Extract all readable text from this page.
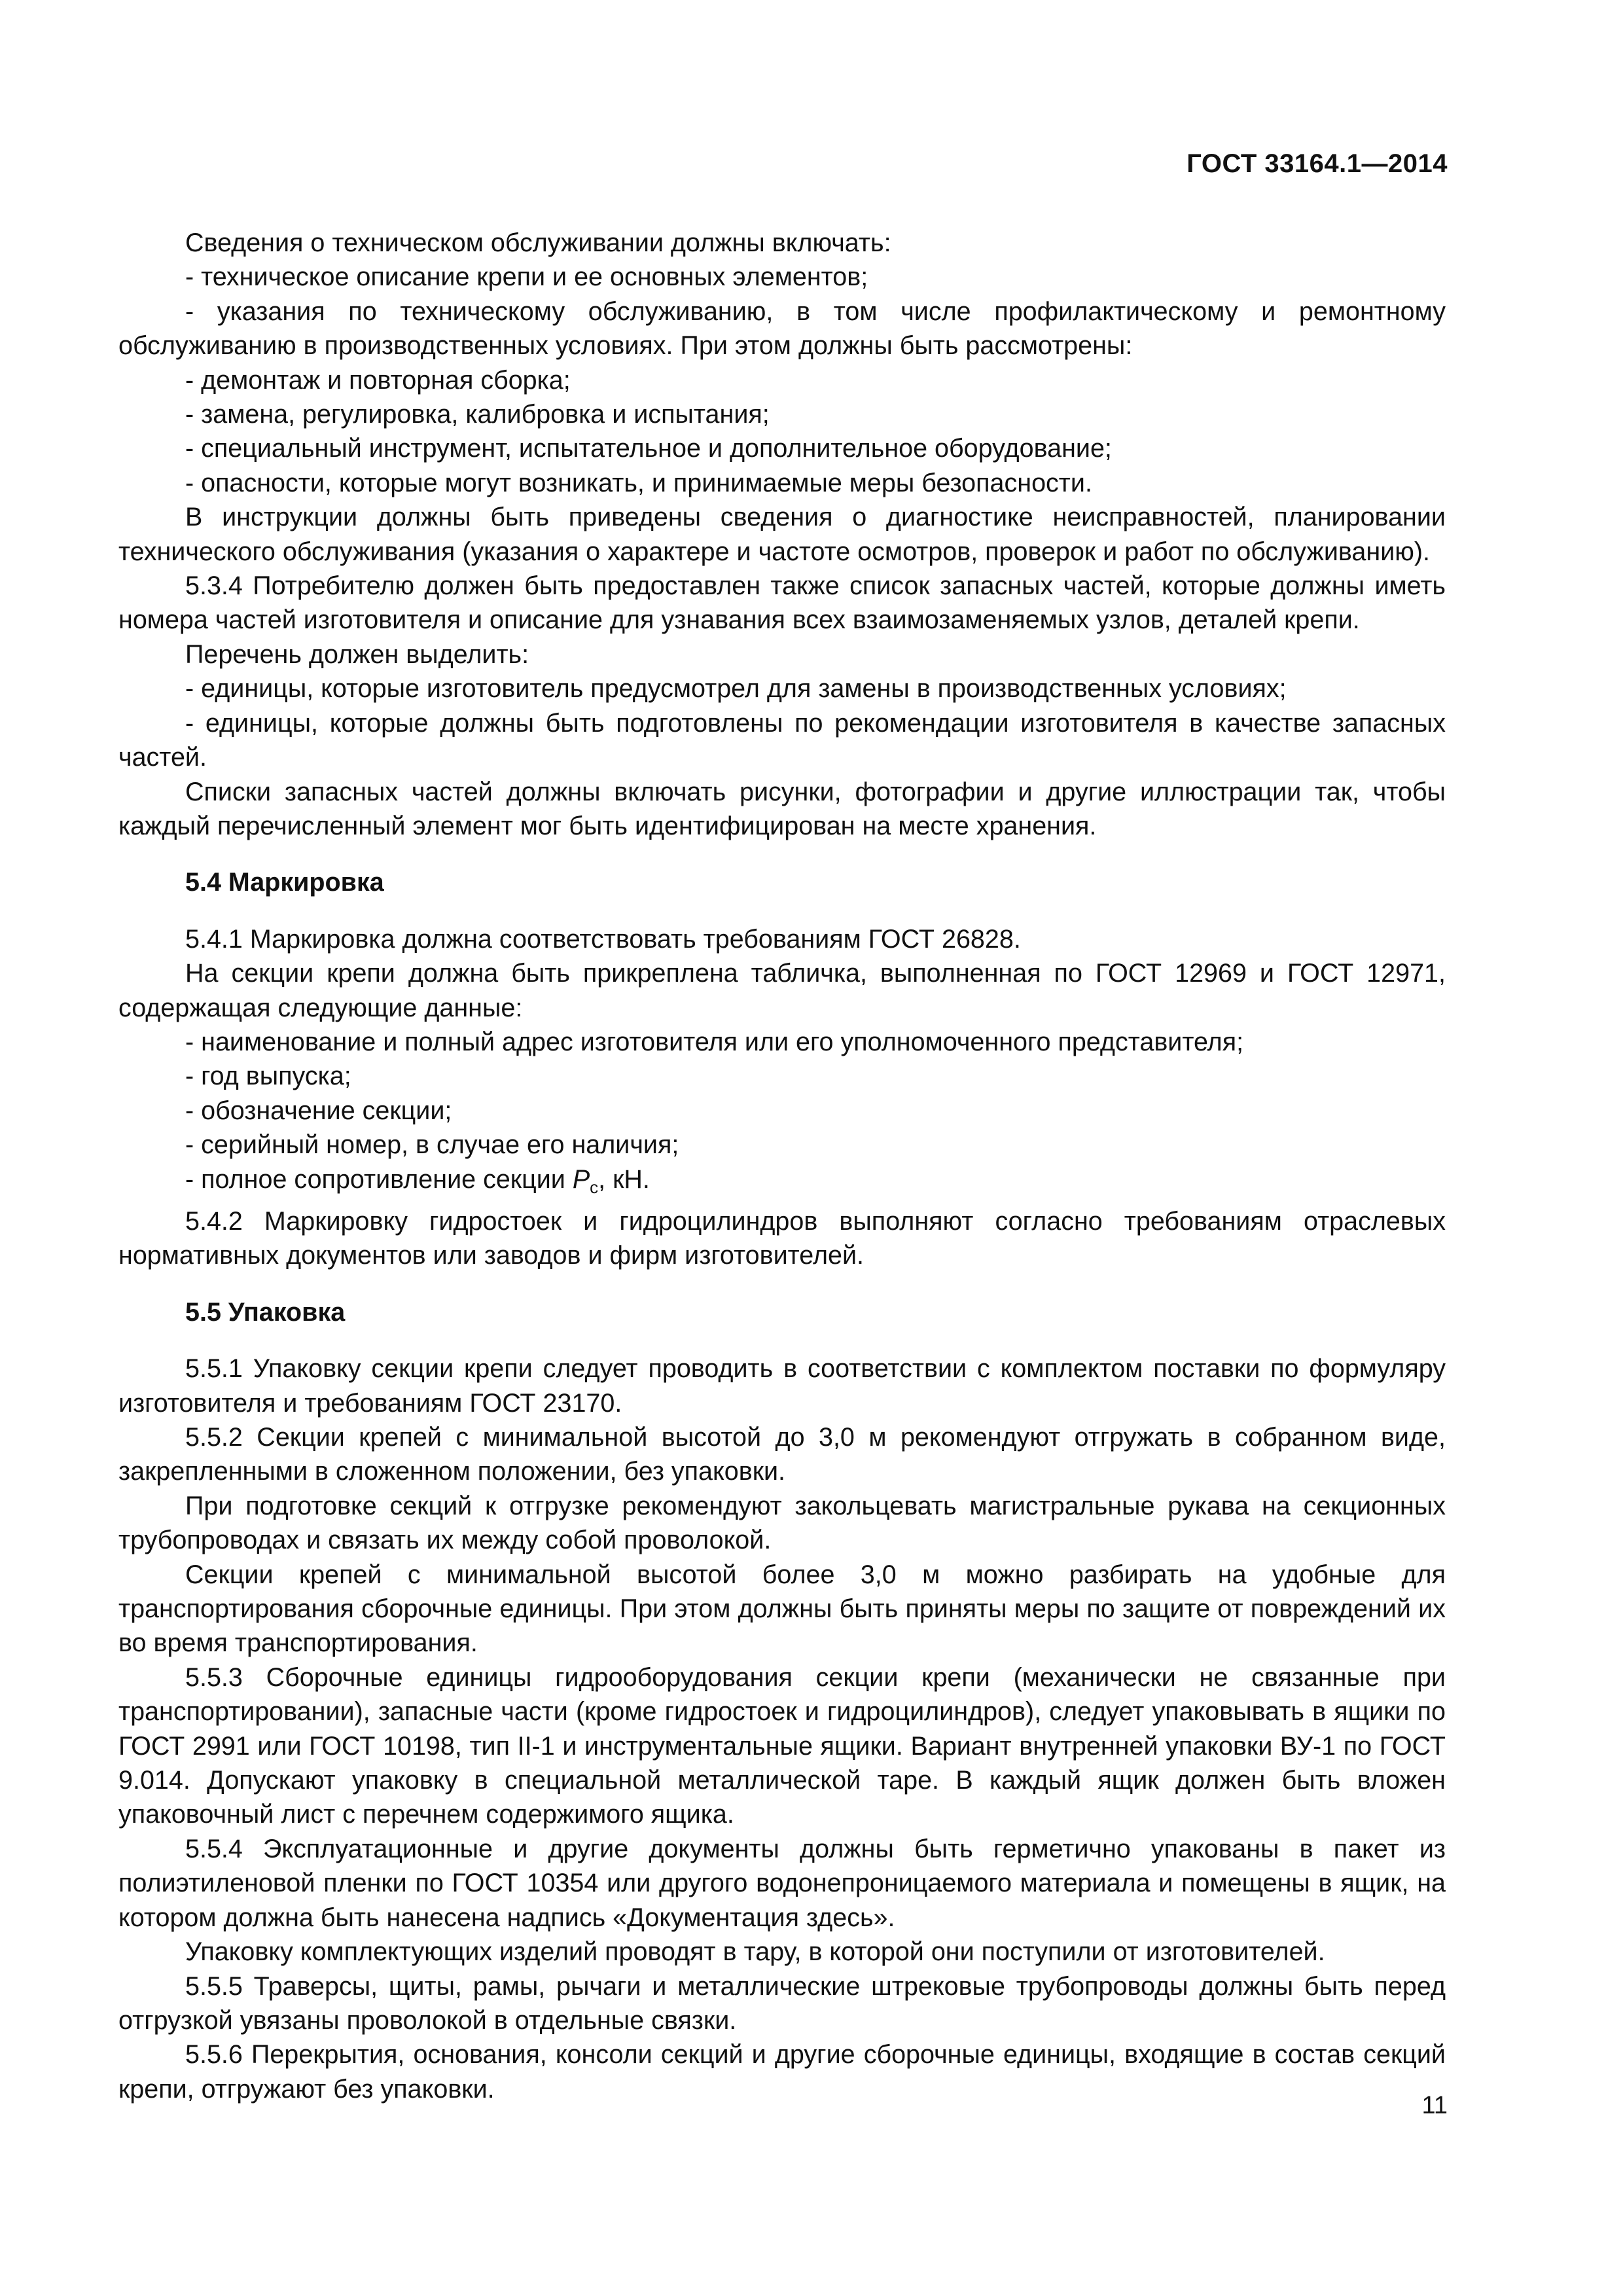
ГОСТ 33164.1—2014

Сведения о техническом обслуживании должны включать:

- техническое описание крепи и ее основных элементов;

- указания по техническому обслуживанию, в том числе профилактическому и ремонтному обслуживанию в производственных условиях. При этом должны быть рассмотрены:

- демонтаж и повторная сборка;

- замена, регулировка, калибровка и испытания;

- специальный инструмент, испытательное и дополнительное оборудование;

- опасности, которые могут возникать, и принимаемые меры безопасности.

В инструкции должны быть приведены сведения о диагностике неисправностей, планировании технического обслуживания (указания о характере и частоте осмотров, проверок и работ по обслуживанию).

5.3.4 Потребителю должен быть предоставлен также список запасных частей, которые должны иметь номера частей изготовителя и описание для узнавания всех взаимозаменяемых узлов, деталей крепи.

Перечень должен выделить:

- единицы, которые изготовитель предусмотрел для замены в производственных условиях;

- единицы, которые должны быть подготовлены по рекомендации изготовителя в качестве запасных частей.

Списки запасных частей должны включать рисунки, фотографии и другие иллюстрации так, чтобы каждый перечисленный элемент мог быть идентифицирован на месте хранения.

5.4 Маркировка

5.4.1 Маркировка должна соответствовать требованиям ГОСТ 26828.

На секции крепи должна быть прикреплена табличка, выполненная по ГОСТ 12969 и ГОСТ 12971, содержащая следующие данные:

- наименование и полный адрес изготовителя или его уполномоченного представителя;

- год выпуска;

- обозначение секции;

- серийный номер, в случае его наличия;

- полное сопротивление секции $P_c$, кН.

5.4.2 Маркировку гидростоек и гидроцилиндров выполняют согласно требованиям отраслевых нормативных документов или заводов и фирм изготовителей.

5.5 Упаковка

5.5.1 Упаковку секции крепи следует проводить в соответствии с комплектом поставки по формуляру изготовителя и требованиям ГОСТ 23170.

5.5.2 Секции крепей с минимальной высотой до 3,0 м рекомендуют отгружать в собранном виде, закрепленными в сложенном положении, без упаковки.

При подготовке секций к отгрузке рекомендуют закольцевать магистральные рукава на секционных трубопроводах и связать их между собой проволокой.

Секции крепей с минимальной высотой более 3,0 м можно разбирать на удобные для транспортирования сборочные единицы. При этом должны быть приняты меры по защите от повреждений их во время транспортирования.

5.5.3 Сборочные единицы гидрооборудования секции крепи (механически не связанные при транспортировании), запасные части (кроме гидростоек и гидроцилиндров), следует упаковывать в ящики по ГОСТ 2991 или ГОСТ 10198, тип II-1 и инструментальные ящики. Вариант внутренней упаковки ВУ-1 по ГОСТ 9.014. Допускают упаковку в специальной металлической таре. В каждый ящик должен быть вложен упаковочный лист с перечнем содержимого ящика.

5.5.4 Эксплуатационные и другие документы должны быть герметично упакованы в пакет из полиэтиленовой пленки по ГОСТ 10354 или другого водонепроницаемого материала и помещены в ящик, на котором должна быть нанесена надпись «Документация здесь».

Упаковку комплектующих изделий проводят в тару, в которой они поступили от изготовителей.

5.5.5 Траверсы, щиты, рамы, рычаги и металлические штрековые трубопроводы должны быть перед отгрузкой увязаны проволокой в отдельные связки.

5.5.6 Перекрытия, основания, консоли секций и другие сборочные единицы, входящие в состав секций крепи, отгружают без упаковки.

11
